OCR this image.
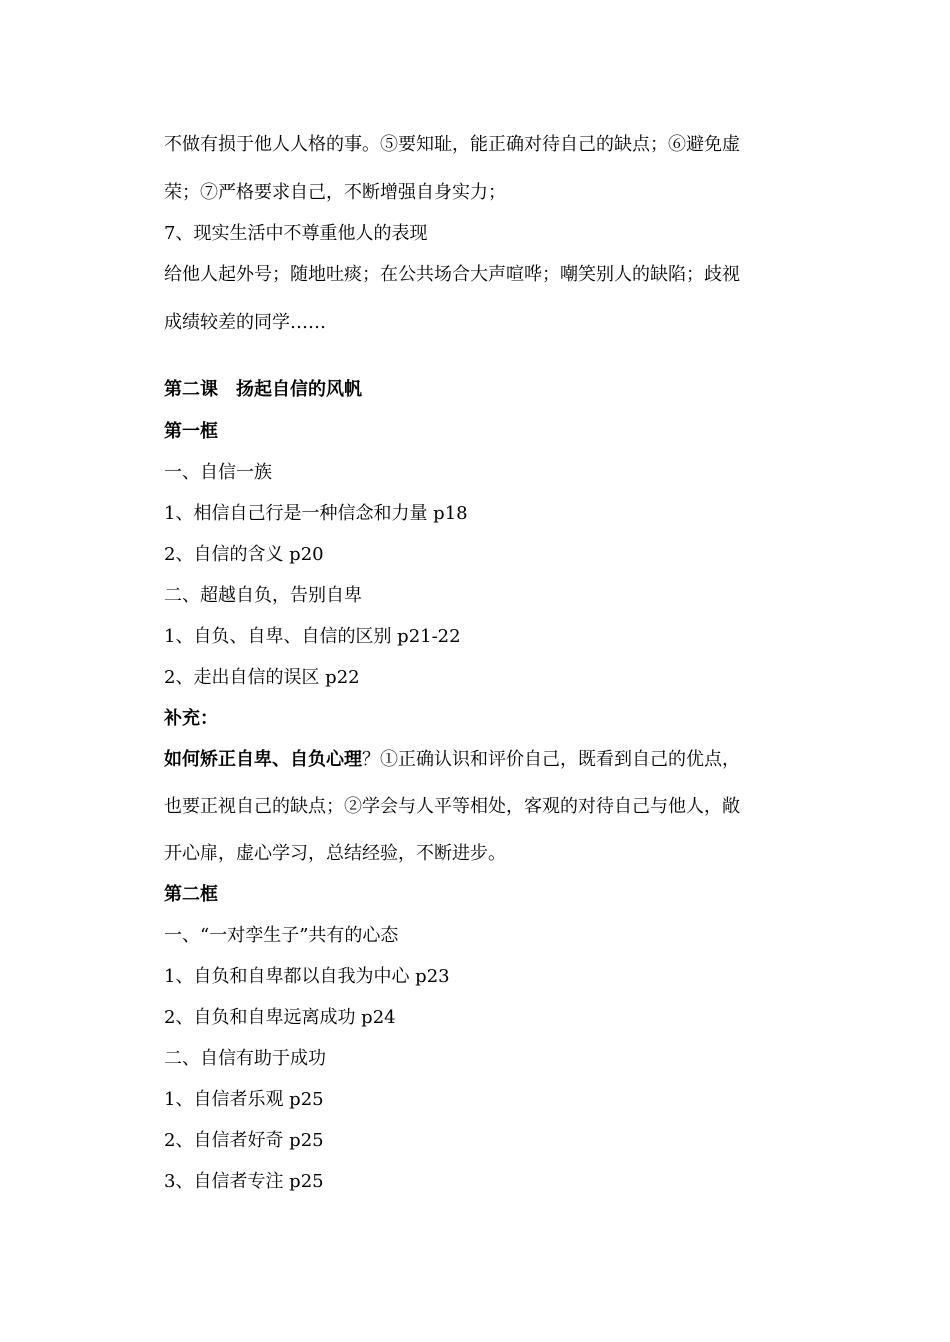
不做有损于他人人格的事。⑤要知耻，能正确对待自己的缺点；⑥避免虚

荣；⑦严格要求自己，不断增强自身实力；

7、现实生活中不尊重他人的表现

给他人起外号；随地吐痰；在公共场合大声喧哗；嘲笑别人的缺陷；歧视

成绩较差的同学……

第二课　扬起自信的风帆

第一框

一、自信一族

1、相信自己行是一种信念和力量 p18

2、自信的含义 p20

二、超越自负，告别自卑

1、自负、自卑、自信的区别 p21-22

2、走出自信的误区 p22

补充：

如何矫正自卑、自负心理？①正确认识和评价自己，既看到自己的优点，

也要正视自己的缺点；②学会与人平等相处，客观的对待自己与他人，敞

开心扉，虚心学习，总结经验，不断进步。

第二框

一、“一对孪生子”共有的心态

1、自负和自卑都以自我为中心 p23

2、自负和自卑远离成功 p24

二、自信有助于成功

1、自信者乐观 p25

2、自信者好奇 p25

3、自信者专注 p25
